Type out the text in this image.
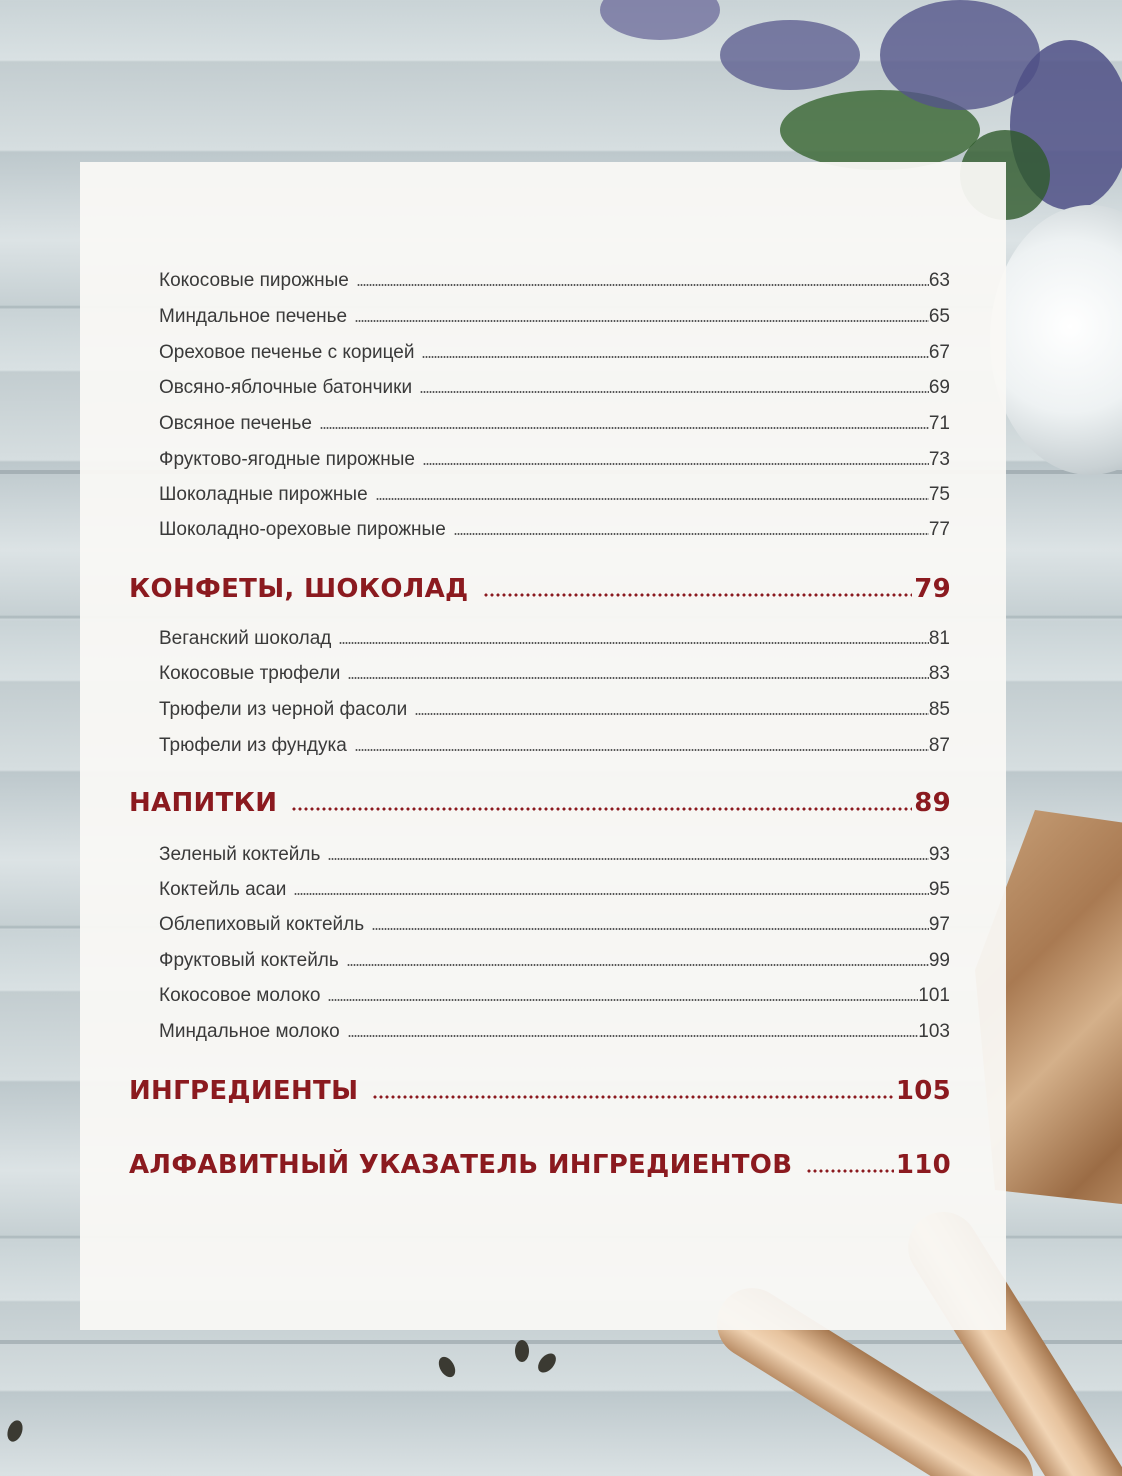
Кокосовые пирожные	63
Миндальное печенье	65
Ореховое печенье с корицей	67
Овсяно-яблочные батончики	69
Овсяное печенье	71
Фруктово-ягодные пирожные	73
Шоколадные пирожные	75
Шоколадно-ореховые пирожные	77
КОНФЕТЫ, ШОКОЛАД	79
Веганский шоколад	81
Кокосовые трюфели	83
Трюфели из черной фасоли	85
Трюфели из фундука	87
НАПИТКИ	89
Зеленый коктейль	93
Коктейль асаи	95
Облепиховый коктейль	97
Фруктовый коктейль	99
Кокосовое молоко	101
Миндальное молоко	103
ИНГРЕДИЕНТЫ	105
АЛФАВИТНЫЙ УКАЗАТЕЛЬ ИНГРЕДИЕНТОВ	110
